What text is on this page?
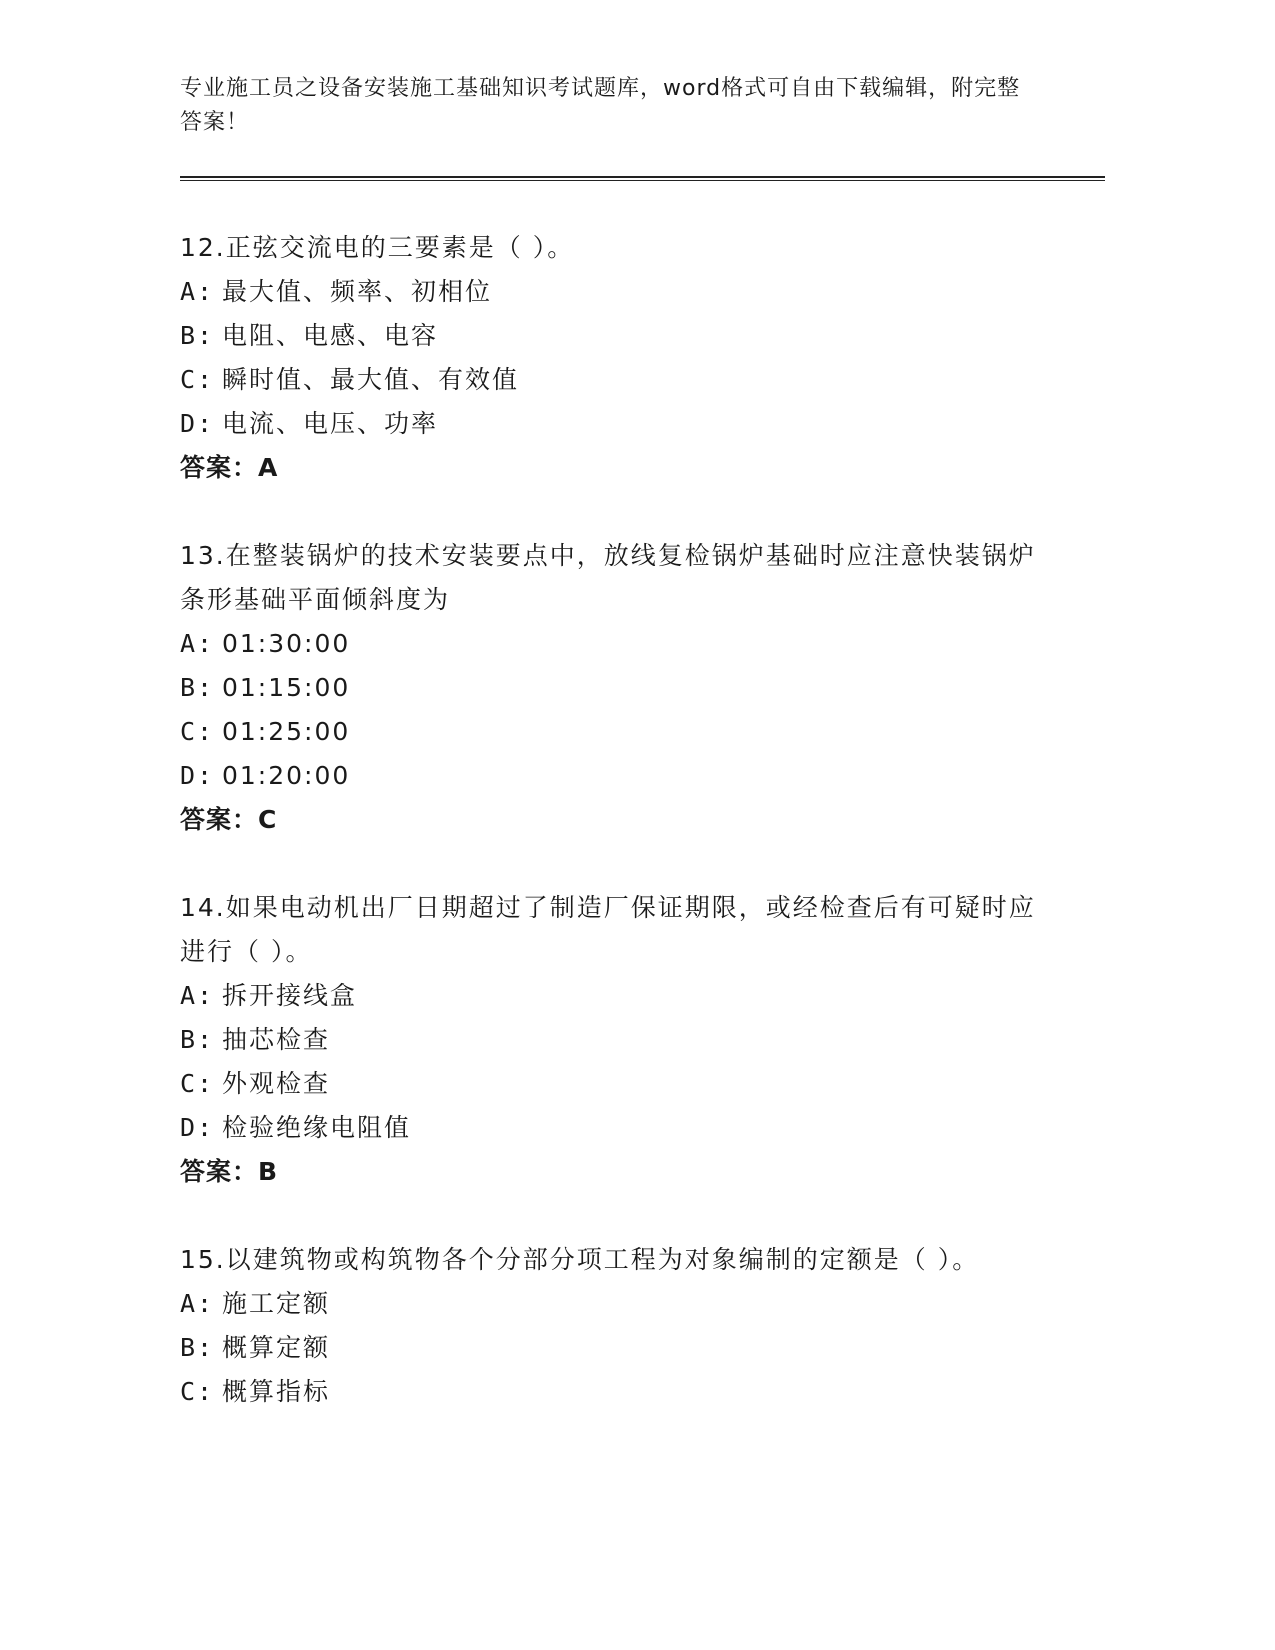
专业施工员之设备安装施工基础知识考试题库，word格式可自由下载编辑，附完整答案！
12.正弦交流电的三要素是（ ）。
A: 最大值、频率、初相位
B: 电阻、电感、电容
C: 瞬时值、最大值、有效值
D: 电流、电压、功率
答案：A
13.在整装锅炉的技术安装要点中，放线复检锅炉基础时应注意快装锅炉条形基础平面倾斜度为
A: 01:30:00
B: 01:15:00
C: 01:25:00
D: 01:20:00
答案：C
14.如果电动机出厂日期超过了制造厂保证期限，或经检查后有可疑时应进行（ ）。
A: 拆开接线盒
B: 抽芯检查
C: 外观检查
D: 检验绝缘电阻值
答案：B
15.以建筑物或构筑物各个分部分项工程为对象编制的定额是（ ）。
A: 施工定额
B: 概算定额
C: 概算指标
